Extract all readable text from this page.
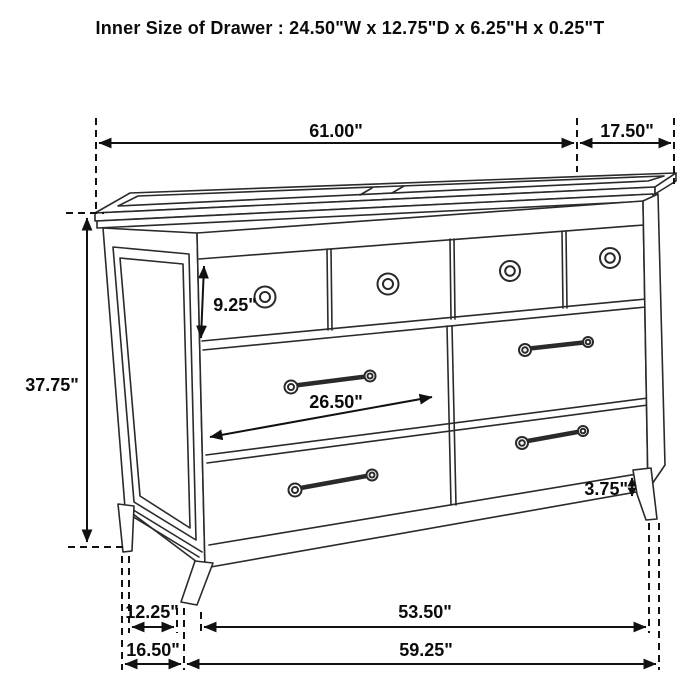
Inner Size of Drawer : 24.50"W x 12.75"D x 6.25"H x 0.25"T
61.00"	17.50"
37.75"
9.25"
26.50"
3.75"
12.25"	53.50"
16.50"	59.25"
